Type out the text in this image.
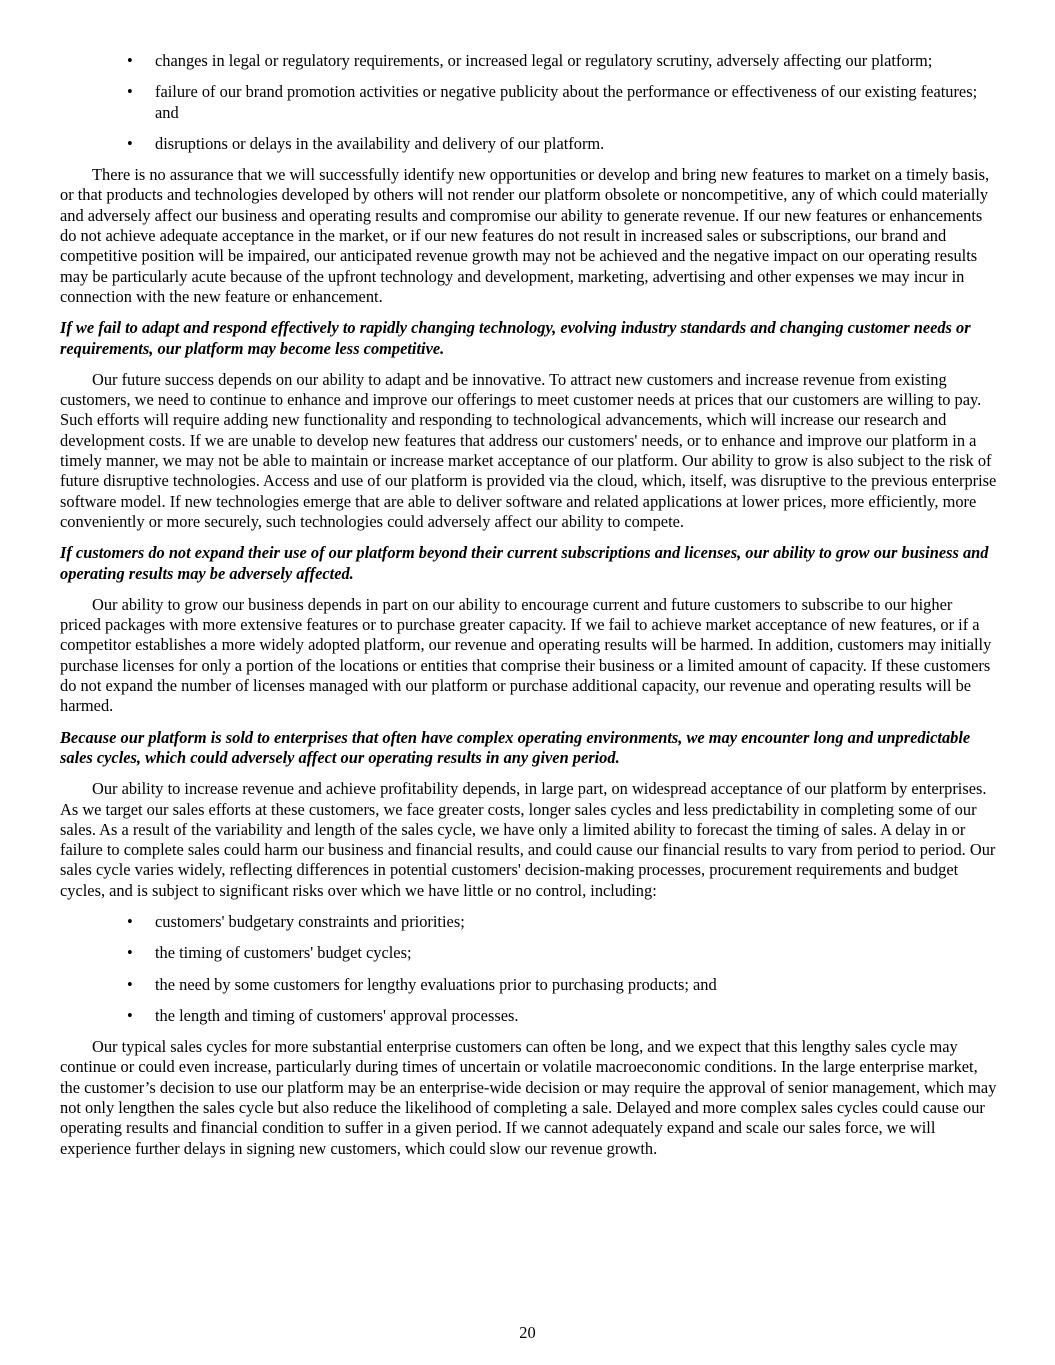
• changes in legal or regulatory requirements, or increased legal or regulatory scrutiny, adversely affecting our platform;
• failure of our brand promotion activities or negative publicity about the performance or effectiveness of our existing features; and
• disruptions or delays in the availability and delivery of our platform.

There is no assurance that we will successfully identify new opportunities or develop and bring new features to market on a timely basis, or that products and technologies developed by others will not render our platform obsolete or noncompetitive, any of which could materially and adversely affect our business and operating results and compromise our ability to generate revenue. If our new features or enhancements do not achieve adequate acceptance in the market, or if our new features do not result in increased sales or subscriptions, our brand and competitive position will be impaired, our anticipated revenue growth may not be achieved and the negative impact on our operating results may be particularly acute because of the upfront technology and development, marketing, advertising and other expenses we may incur in connection with the new feature or enhancement.

If we fail to adapt and respond effectively to rapidly changing technology, evolving industry standards and changing customer needs or requirements, our platform may become less competitive.

Our future success depends on our ability to adapt and be innovative. To attract new customers and increase revenue from existing customers, we need to continue to enhance and improve our offerings to meet customer needs at prices that our customers are willing to pay. Such efforts will require adding new functionality and responding to technological advancements, which will increase our research and development costs. If we are unable to develop new features that address our customers' needs, or to enhance and improve our platform in a timely manner, we may not be able to maintain or increase market acceptance of our platform. Our ability to grow is also subject to the risk of future disruptive technologies. Access and use of our platform is provided via the cloud, which, itself, was disruptive to the previous enterprise software model. If new technologies emerge that are able to deliver software and related applications at lower prices, more efficiently, more conveniently or more securely, such technologies could adversely affect our ability to compete.

If customers do not expand their use of our platform beyond their current subscriptions and licenses, our ability to grow our business and operating results may be adversely affected.

Our ability to grow our business depends in part on our ability to encourage current and future customers to subscribe to our higher priced packages with more extensive features or to purchase greater capacity. If we fail to achieve market acceptance of new features, or if a competitor establishes a more widely adopted platform, our revenue and operating results will be harmed. In addition, customers may initially purchase licenses for only a portion of the locations or entities that comprise their business or a limited amount of capacity. If these customers do not expand the number of licenses managed with our platform or purchase additional capacity, our revenue and operating results will be harmed.

Because our platform is sold to enterprises that often have complex operating environments, we may encounter long and unpredictable sales cycles, which could adversely affect our operating results in any given period.

Our ability to increase revenue and achieve profitability depends, in large part, on widespread acceptance of our platform by enterprises. As we target our sales efforts at these customers, we face greater costs, longer sales cycles and less predictability in completing some of our sales. As a result of the variability and length of the sales cycle, we have only a limited ability to forecast the timing of sales. A delay in or failure to complete sales could harm our business and financial results, and could cause our financial results to vary from period to period. Our sales cycle varies widely, reflecting differences in potential customers' decision-making processes, procurement requirements and budget cycles, and is subject to significant risks over which we have little or no control, including:

• customers' budgetary constraints and priorities;
• the timing of customers' budget cycles;
• the need by some customers for lengthy evaluations prior to purchasing products; and
• the length and timing of customers' approval processes.

Our typical sales cycles for more substantial enterprise customers can often be long, and we expect that this lengthy sales cycle may continue or could even increase, particularly during times of uncertain or volatile macroeconomic conditions. In the large enterprise market, the customer’s decision to use our platform may be an enterprise-wide decision or may require the approval of senior management, which may not only lengthen the sales cycle but also reduce the likelihood of completing a sale. Delayed and more complex sales cycles could cause our operating results and financial condition to suffer in a given period. If we cannot adequately expand and scale our sales force, we will experience further delays in signing new customers, which could slow our revenue growth.

20
